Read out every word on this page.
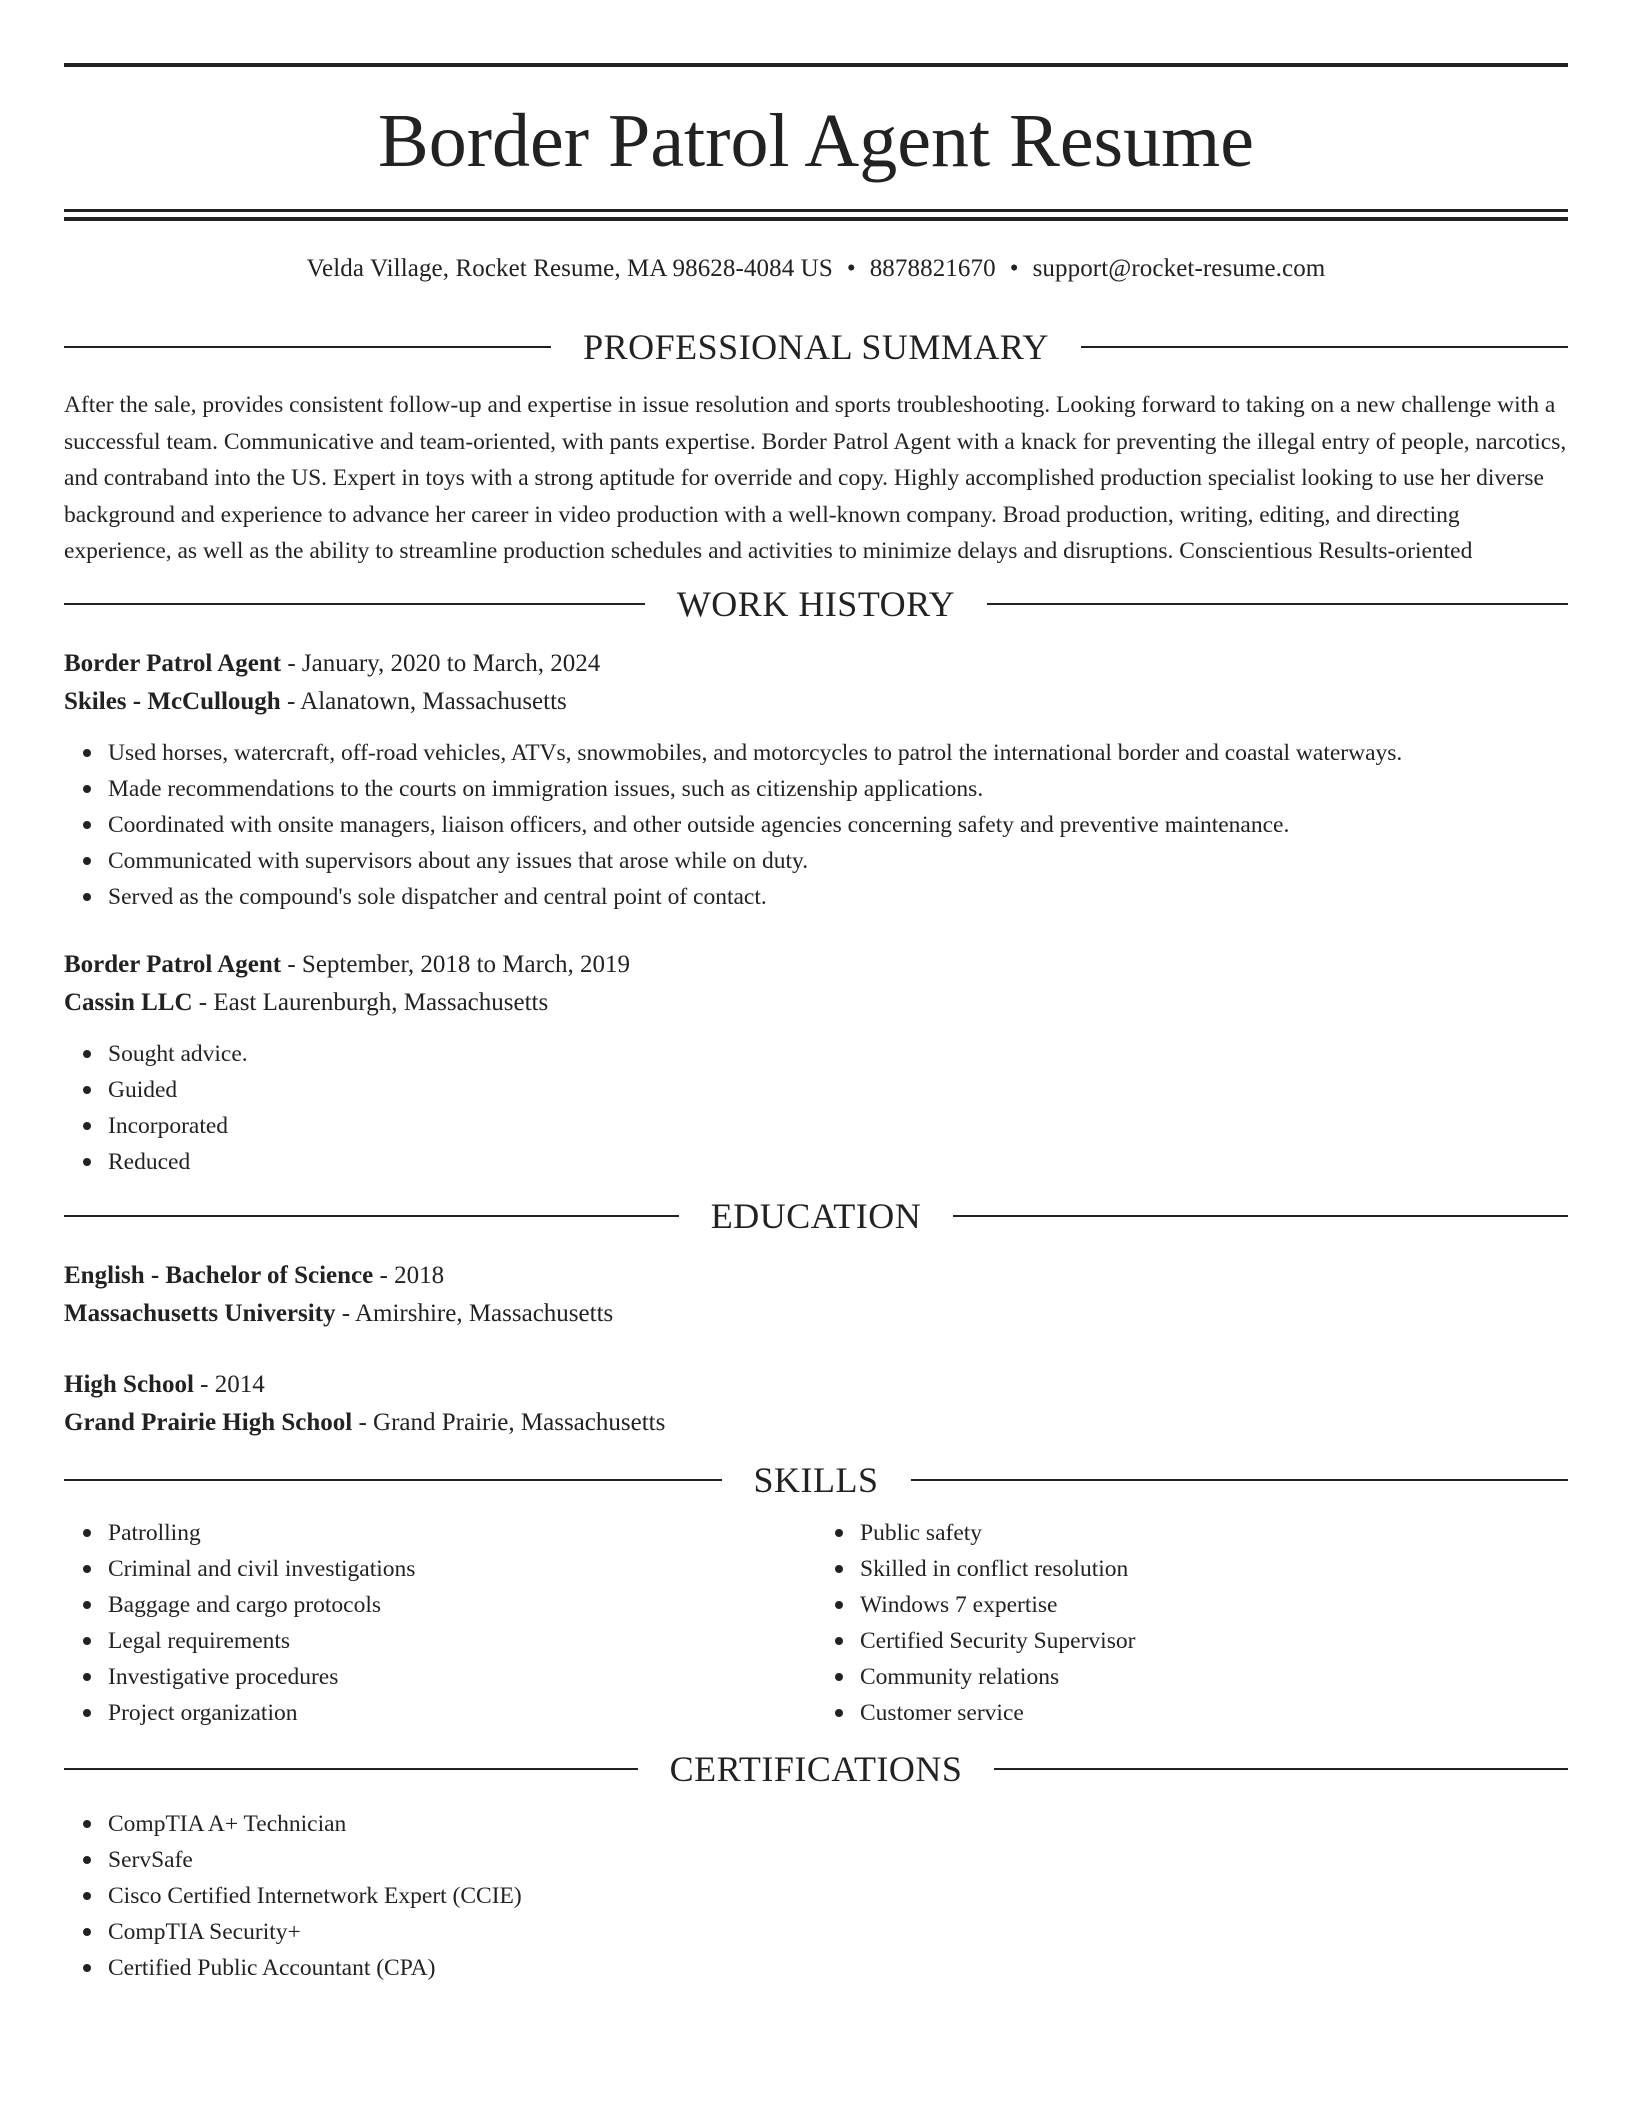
Border Patrol Agent Resume
Velda Village, Rocket Resume, MA 98628-4084 US • 8878821670 • support@rocket-resume.com
PROFESSIONAL SUMMARY

After the sale, provides consistent follow-up and expertise in issue resolution and sports troubleshooting. Looking forward to taking on a new challenge with a successful team. Communicative and team-oriented, with pants expertise. Border Patrol Agent with a knack for preventing the illegal entry of people, narcotics, and contraband into the US. Expert in toys with a strong aptitude for override and copy. Highly accomplished production specialist looking to use her diverse background and experience to advance her career in video production with a well-known company. Broad production, writing, editing, and directing experience, as well as the ability to streamline production schedules and activities to minimize delays and disruptions. Conscientious Results-oriented

WORK HISTORY
Border Patrol Agent - January, 2020 to March, 2024
Skiles - McCullough - Alanatown, Massachusetts
Used horses, watercraft, off-road vehicles, ATVs, snowmobiles, and motorcycles to patrol the international border and coastal waterways.
Made recommendations to the courts on immigration issues, such as citizenship applications.
Coordinated with onsite managers, liaison officers, and other outside agencies concerning safety and preventive maintenance.
Communicated with supervisors about any issues that arose while on duty.
Served as the compound's sole dispatcher and central point of contact.
Border Patrol Agent - September, 2018 to March, 2019
Cassin LLC - East Laurenburgh, Massachusetts
Sought advice.
Guided
Incorporated
Reduced
EDUCATION
English - Bachelor of Science - 2018
Massachusetts University - Amirshire, Massachusetts
High School - 2014
Grand Prairie High School - Grand Prairie, Massachusetts
SKILLS
Patrolling
Criminal and civil investigations
Baggage and cargo protocols
Legal requirements
Investigative procedures
Project organization
Public safety
Skilled in conflict resolution
Windows 7 expertise
Certified Security Supervisor
Community relations
Customer service
CERTIFICATIONS
CompTIA A+ Technician
ServSafe
Cisco Certified Internetwork Expert (CCIE)
CompTIA Security+
Certified Public Accountant (CPA)
